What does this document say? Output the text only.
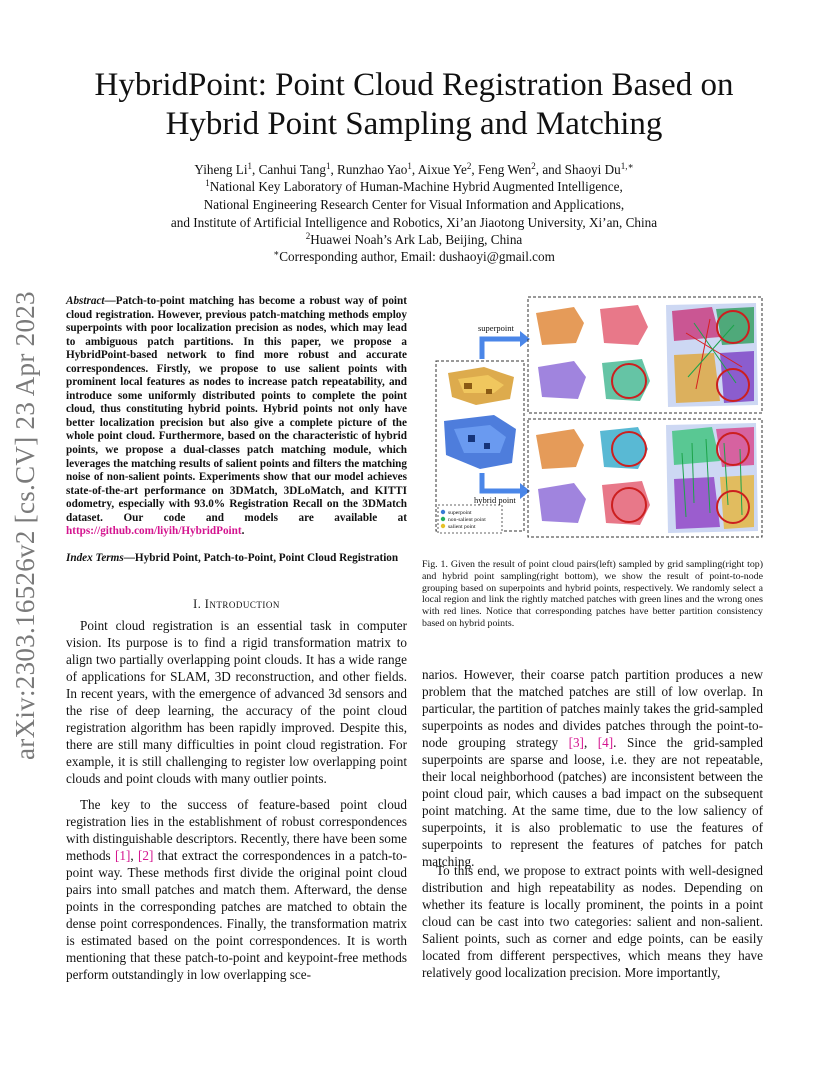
arXiv:2303.16526v2 [cs.CV] 23 Apr 2023
HybridPoint: Point Cloud Registration Based on
Hybrid Point Sampling and Matching
Yiheng Li$^1$, Canhui Tang$^1$, Runzhao Yao$^1$, Aixue Ye$^2$, Feng Wen$^2$, and Shaoyi $Du^{1,∗}$
$^1$National Key Laboratory of Human-Machine Hybrid Augmented Intelligence,
National Engineering Research Center for Visual Information and Applications,
and Institute of Artificial Intelligence and Robotics, Xi’an Jiaotong University, Xi’an, China
$^2$Huawei Noah’s Ark Lab, Beijing, China
∗Corresponding author, Email: dushaoyi@gmail.com
Abstract—Patch-to-point matching has become a robust way of point cloud registration. However, previous patch-matching methods employ superpoints with poor localization precision as nodes, which may lead to ambiguous patch partitions. In this paper, we propose a HybridPoint-based network to find more robust and accurate correspondences. Firstly, we propose to use salient points with prominent local features as nodes to increase patch repeatability, and introduce some uniformly distributed points to complete the point cloud, thus constituting hybrid points. Hybrid points not only have better localization precision but also give a complete picture of the whole point cloud. Furthermore, based on the characteristic of hybrid points, we propose a dual-classes patch matching module, which leverages the matching results of salient points and filters the matching noise of non-salient points. Experiments show that our model achieves state-of-the-art performance on 3DMatch, 3DLoMatch, and KITTI odometry, especially with 93.0% Registration Recall on the 3DMatch dataset. Our code and models are available at https://github.com/liyih/HybridPoint.
Index Terms—Hybrid Point, Patch-to-Point, Point Cloud Registration
I. Introduction
Point cloud registration is an essential task in computer vision. Its purpose is to find a rigid transformation matrix to align two partially overlapping point clouds. It has a wide range of applications for SLAM, 3D reconstruction, and other fields. In recent years, with the emergence of advanced 3d sensors and the rise of deep learning, the accuracy of the point cloud registration algorithm has been rapidly improved. Despite this, there are still many difficulties in point cloud registration. For example, it is still challenging to register low overlapping point clouds and point clouds with many outlier points.
The key to the success of feature-based point cloud registration lies in the establishment of robust correspondences with distinguishable descriptors. Recently, there have been some methods [1], [2] that extract the correspondences in a patch-to-point way. These methods first divide the original point cloud pairs into small patches and match them. Afterward, the dense points in the corresponding patches are matched to obtain the dense point correspondences. Finally, the transformation matrix is estimated based on the point correspondences. It is worth mentioning that these patch-to-point and keypoint-free methods perform outstandingly in low overlapping sce-
superpoint
non-salient point
salient point
superpoint
hybrid point
Fig. 1. Given the result of point cloud pairs(left) sampled by grid sampling(right top) and hybrid point sampling(right bottom), we show the result of point-to-node grouping based on superpoints and hybrid points, respectively. We randomly select a local region and link the rightly matched patches with green lines and the wrong ones with red lines. Notice that corresponding patches have better partition consistency based on hybrid points.
narios. However, their coarse patch partition produces a new problem that the matched patches are still of low overlap. In particular, the partition of patches mainly takes the grid-sampled superpoints as nodes and divides patches through the point-to-node grouping strategy [3], [4]. Since the grid-sampled superpoints are sparse and loose, i.e. they are not repeatable, their local neighborhood (patches) are inconsistent between the point cloud pair, which causes a bad impact on the subsequent point matching. At the same time, due to the low saliency of superpoints, it is also problematic to use the features of superpoints to represent the features of patches for patch matching.
To this end, we propose to extract points with well-designed distribution and high repeatability as nodes. Depending on whether its feature is locally prominent, the points in a point cloud can be cast into two categories: salient and non-salient. Salient points, such as corner and edge points, can be easily located from different perspectives, which means they have relatively good localization precision. More importantly,
